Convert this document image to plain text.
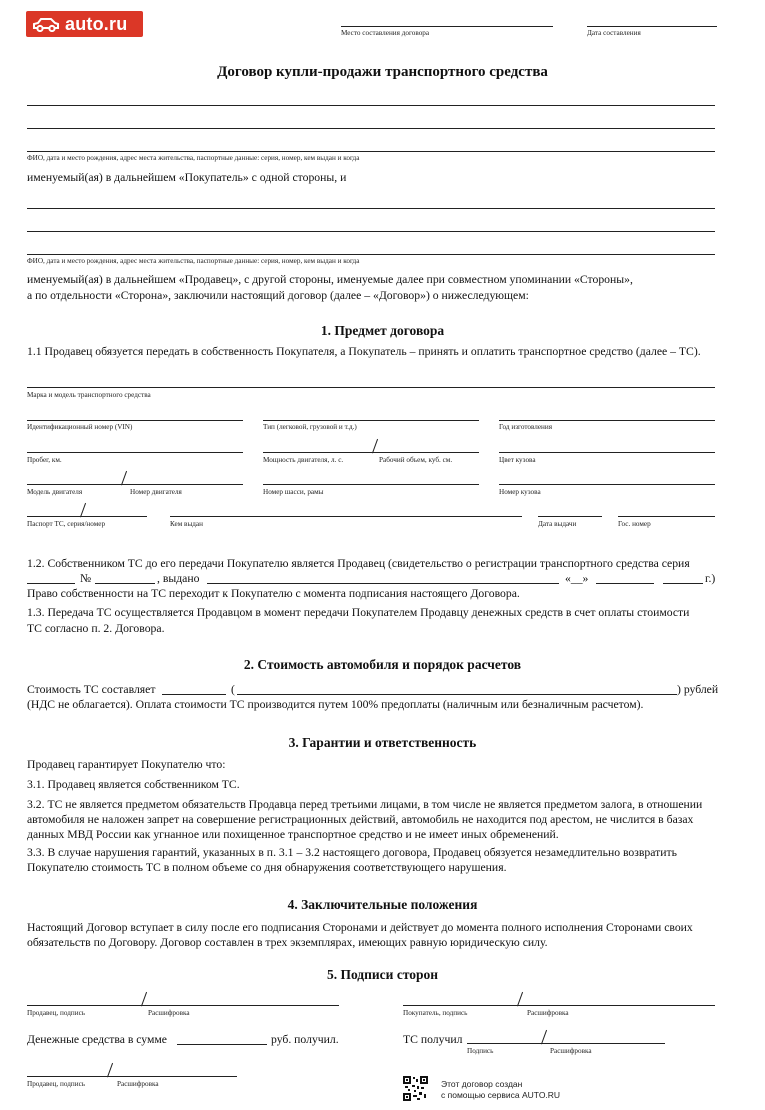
auto.ru	Место составления договора	Дата составления
Договор купли-продажи транспортного средства
ФИО, дата и место рождения, адрес места жительства, паспортные данные: серия, номер, кем выдан и когда
именуемый(ая) в дальнейшем «Покупатель» с одной стороны, и
ФИО, дата и место рождения, адрес места жительства, паспортные данные: серия, номер, кем выдан и когда
именуемый(ая) в дальнейшем «Продавец», с другой стороны, именуемые далее при совместном упоминании «Стороны»,
а по отдельности «Сторона», заключили настоящий договор (далее – «Договор») о нижеследующем:
1. Предмет договора
1.1 Продавец обязуется передать в собственность Покупателя, а Покупатель – принять и оплатить транспортное средство (далее – ТС).
Марка и модель транспортного средства
Идентификационный номер (VIN)	Тип (легковой, грузовой и т.д.)	Год изготовления
Пробег, км.	Мощность двигателя, л. с.	Рабочий объем, куб. см.	Цвет кузова
Модель двигателя	Номер двигателя	Номер шасси, рамы	Номер кузова
Паспорт ТС, серия/номер	Кем выдан	Дата выдачи	Гос. номер
1.2. Собственником ТС до его передачи Покупателю является Продавец (свидетельство о регистрации транспортного средства серия
№	, выдано	«__»	г.)
Право собственности на ТС переходит к Покупателю с момента подписания настоящего Договора.
1.3. Передача ТС осуществляется Продавцом в момент передачи Покупателем Продавцу денежных средств в счет оплаты стоимости
ТС согласно п. 2. Договора.
2. Стоимость автомобиля и порядок расчетов
Стоимость ТС составляет	(	) рублей
(НДС не облагается). Оплата стоимости ТС производится путем 100% предоплаты (наличным или безналичным расчетом).
3. Гарантии и ответственность
Продавец гарантирует Покупателю что:
3.1. Продавец является собственником ТС.
3.2. ТС не является предметом обязательств Продавца перед третьими лицами, в том числе не является предметом залога, в отношении
автомобиля не наложен запрет на совершение регистрационных действий, автомобиль не находится под арестом, не числится в базах
данных МВД России как угнанное или похищенное транспортное средство и не имеет иных обременений.
3.3. В случае нарушения гарантий, указанных в п. 3.1 – 3.2 настоящего договора, Продавец обязуется незамедлительно возвратить
Покупателю стоимость ТС в полном объеме со дня обнаружения соответствующего нарушения.
4. Заключительные положения
Настоящий Договор вступает в силу после его подписания Сторонами и действует до момента полного исполнения Сторонами своих
обязательств по Договору. Договор составлен в трех экземплярах, имеющих равную юридическую силу.
5. Подписи сторон
Продавец, подпись	Расшифровка	Покупатель, подпись	Расшифровка
Денежные средства в сумме	руб. получил.	ТС получил
Подпись	Расшифровка
Продавец, подпись	Расшифровка	Этот договор создан
с помощью сервиса AUTO.RU
